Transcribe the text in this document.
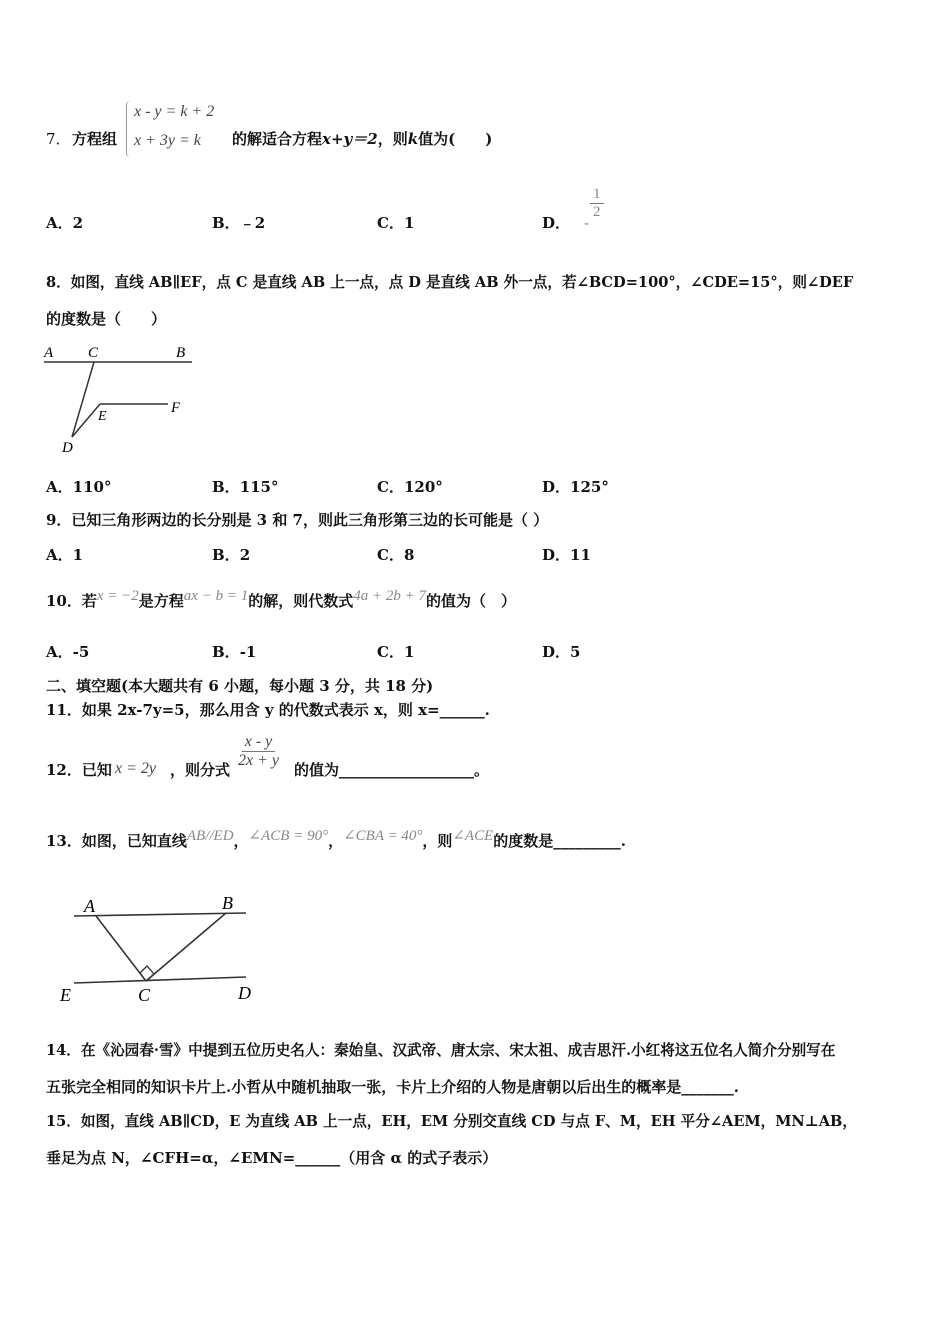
7． 方程组
x - y = k + 2
x + 3y = k 的解适合方程x+y＝2，则k值为(　　)
A．2	B．﹣2	C．1	D． -
$\frac{1}{2}$
8．如图，直线 AB∥EF，点 C 是直线 AB 上一点，点 D 是直线 AB 外一点，若∠BCD=100°，∠CDE=15°，则∠DEF
的度数是（　　）
A C	B
E
F
D
A．110°	B．115°	C．120°	D．125°
9．已知三角形两边的长分别是 3 和 7，则此三角形第三边的长可能是（ ）
A．1	B．2	C．8	D．11
10．若x = −2是方程ax − b = 1的解，则代数式4a + 2b + 7的值为（　）
A．-5	B．-1	C．1	D．5
二、填空题(本大题共有 6 小题，每小题 3 分，共 18 分)
11．如果 2x-7y=5，那么用含 y 的代数式表示 x，则 x=______.
12．已知 x = 2y ，则分式
$\frac{x - y}{2x + y}$
的值为__________________。
13．如图，已知直线AB//ED，∠ACB = 90°，∠CBA = 40°，则∠ACE的度数是_________.
A	B
E	C	D
14．在《沁园春·雪》中提到五位历史名人：秦始皇、汉武帝、唐太宗、宋太祖、成吉思汗.小红将这五位名人简介分别写在
五张完全相同的知识卡片上.小哲从中随机抽取一张，卡片上介绍的人物是唐朝以后出生的概率是_______.
15．如图，直线 AB∥CD，E 为直线 AB 上一点，EH，EM 分别交直线 CD 与点 F、M，EH 平分∠AEM，MN⊥AB，
垂足为点 N，∠CFH=α，∠EMN=______（用含 α 的式子表示）
